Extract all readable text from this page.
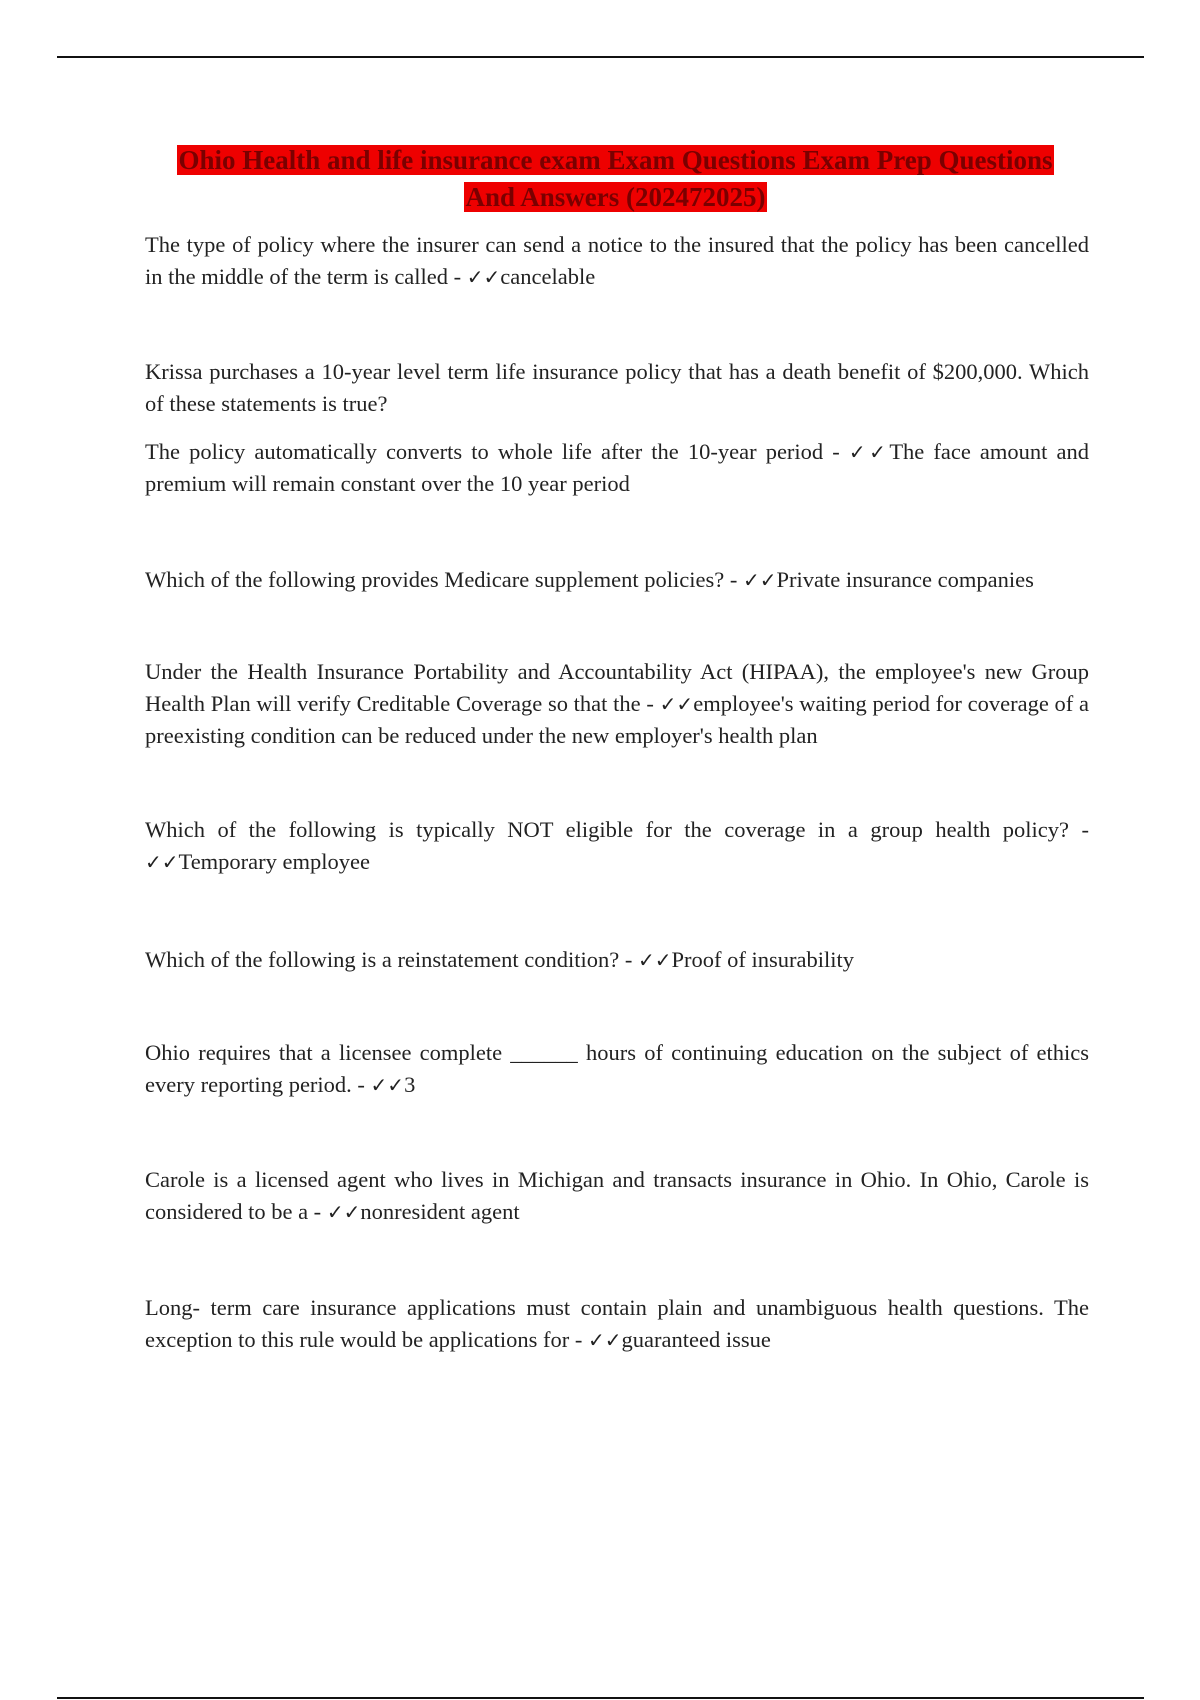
Ohio Health and life insurance exam Exam Questions Exam Prep Questions
And Answers (202472025)

The type of policy where the insurer can send a notice to the insured that the policy has been cancelled in the middle of the term is called - ✓✓cancelable

Krissa purchases a 10-year level term life insurance policy that has a death benefit of $200,000. Which of these statements is true?

The policy automatically converts to whole life after the 10-year period - ✓✓The face amount and premium will remain constant over the 10 year period

Which of the following provides Medicare supplement policies? - ✓✓Private insurance companies

Under the Health Insurance Portability and Accountability Act (HIPAA), the employee's new Group Health Plan will verify Creditable Coverage so that the - ✓✓employee's waiting period for coverage of a preexisting condition can be reduced under the new employer's health plan

Which of the following is typically NOT eligible for the coverage in a group health policy? - ✓✓Temporary employee

Which of the following is a reinstatement condition? - ✓✓Proof of insurability

Ohio requires that a licensee complete ______ hours of continuing education on the subject of ethics every reporting period. - ✓✓3

Carole is a licensed agent who lives in Michigan and transacts insurance in Ohio. In Ohio, Carole is considered to be a - ✓✓nonresident agent

Long- term care insurance applications must contain plain and unambiguous health questions. The exception to this rule would be applications for - ✓✓guaranteed issue
